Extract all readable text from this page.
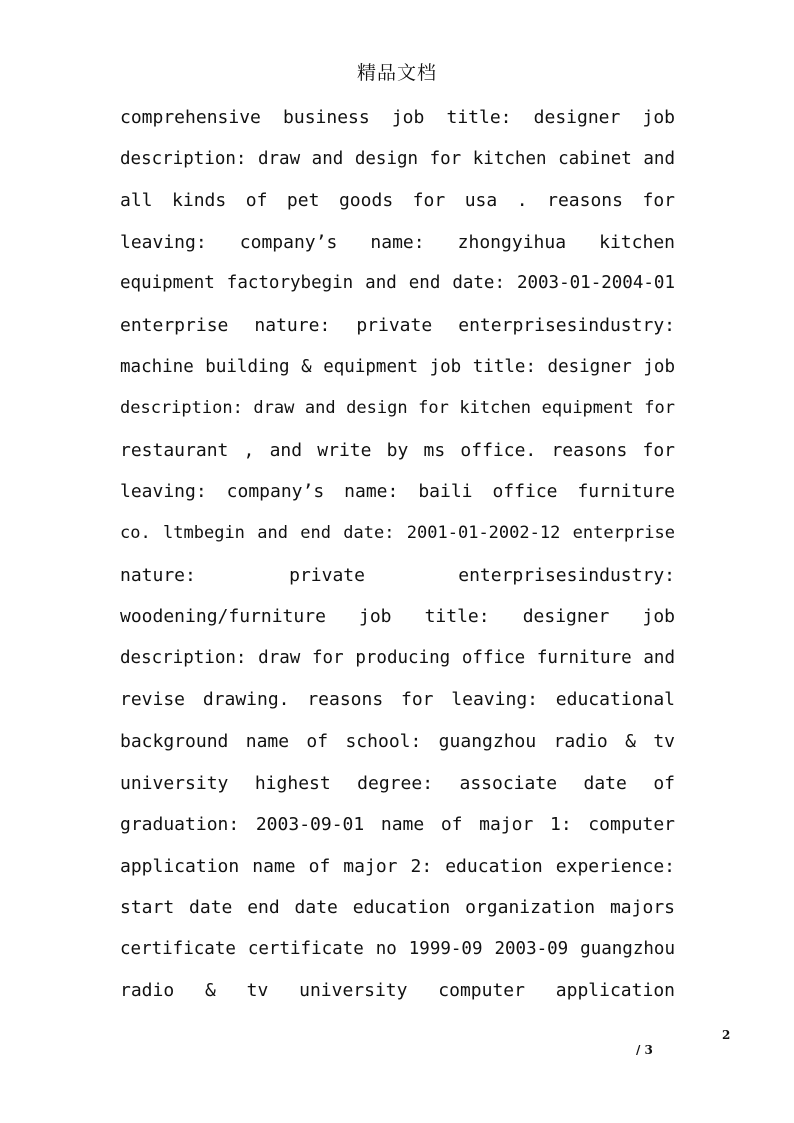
精品文档
comprehensive business job title: designer job
description: draw and design for kitchen cabinet and
all kinds of pet goods for usa . reasons for
leaving: company’s name: zhongyihua kitchen
equipment factorybegin and end date: 2003-01-2004-01
enterprise nature: private enterprisesindustry:
machine building & equipment job title: designer job
description: draw and design for kitchen equipment for
restaurant , and write by ms office. reasons for
leaving: company’s name: baili office furniture
co. ltmbegin and end date: 2001-01-2002-12 enterprise
nature: private enterprisesindustry:
woodening/furniture job title: designer job
description: draw for producing office furniture and
revise drawing. reasons for leaving: educational
background name of school: guangzhou radio & tv
university highest degree: associate date of
graduation: 2003-09-01 name of major 1: computer
application name of major 2: education experience:
start date end date education organization majors
certificate certificate no 1999-09 2003-09 guangzhou
radio & tv university computer application
2
/ 3
